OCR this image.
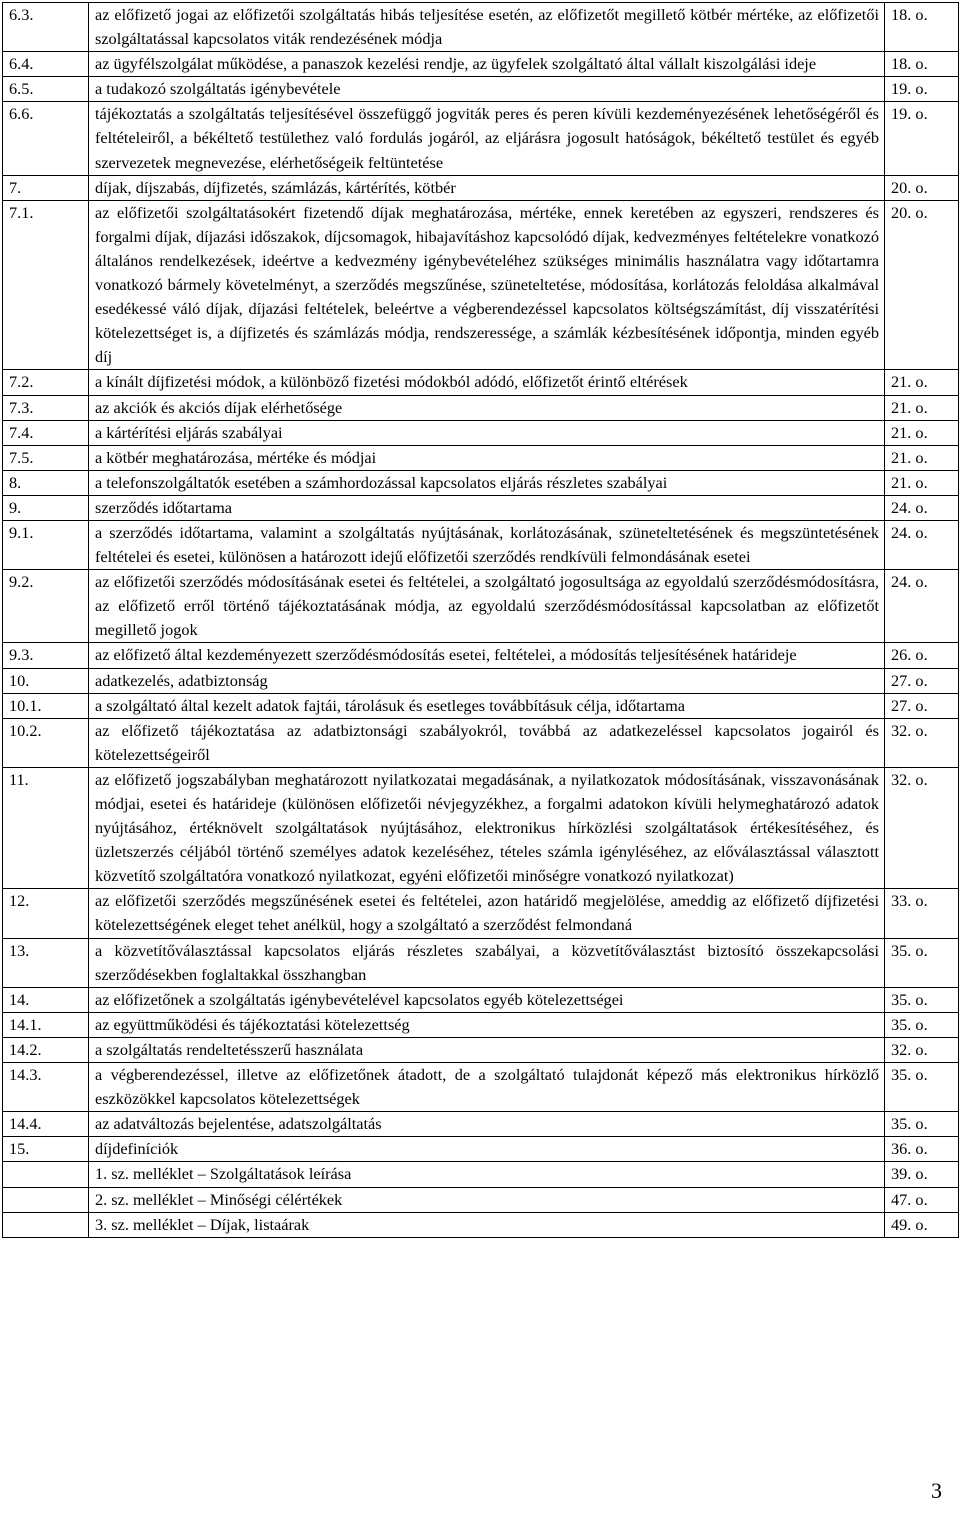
6.3.	az előfizető jogai az előfizetői szolgáltatás hibás teljesítése esetén, az előfizetőt megillető kötbér mértéke, az előfizetői szolgáltatással kapcsolatos viták rendezésének módja	18. o.
6.4.	az ügyfélszolgálat működése, a panaszok kezelési rendje, az ügyfelek szolgáltató által vállalt kiszolgálási ideje	18. o.
6.5.	a tudakozó szolgáltatás igénybevétele	19. o.
6.6.	tájékoztatás a szolgáltatás teljesítésével összefüggő jogviták peres és peren kívüli kezdeményezésének lehetőségéről és feltételeiről, a békéltető testülethez való fordulás jogáról, az eljárásra jogosult hatóságok, békéltető testület és egyéb szervezetek megnevezése, elérhetőségeik feltüntetése	19. o.
7.	díjak, díjszabás, díjfizetés, számlázás, kártérítés, kötbér	20. o.
7.1.	az előfizetői szolgáltatásokért fizetendő díjak meghatározása, mértéke, ennek keretében az egyszeri, rendszeres és forgalmi díjak, díjazási időszakok, díjcsomagok, hibajavításhoz kapcsolódó díjak, kedvezményes feltételekre vonatkozó általános rendelkezések, ideértve a kedvezmény igénybevételéhez szükséges minimális használatra vagy időtartamra vonatkozó bármely követelményt, a szerződés megszűnése, szüneteltetése, módosítása, korlátozás feloldása alkalmával esedékessé váló díjak, díjazási feltételek, beleértve a végberendezéssel kapcsolatos költségszámítást, díj visszatérítési kötelezettséget is, a díjfizetés és számlázás módja, rendszeressége, a számlák kézbesítésének időpontja, minden egyéb díj	20. o.
7.2.	a kínált díjfizetési módok, a különböző fizetési módokból adódó, előfizetőt érintő eltérések	21. o.
7.3.	az akciók és akciós díjak elérhetősége	21. o.
7.4.	a kártérítési eljárás szabályai	21. o.
7.5.	a kötbér meghatározása, mértéke és módjai	21. o.
8.	a telefonszolgáltatók esetében a számhordozással kapcsolatos eljárás részletes szabályai	21. o.
9.	szerződés időtartama	24. o.
9.1.	a szerződés időtartama, valamint a szolgáltatás nyújtásának, korlátozásának, szüneteltetésének és megszüntetésének feltételei és esetei, különösen a határozott idejű előfizetői szerződés rendkívüli felmondásának esetei	24. o.
9.2.	az előfizetői szerződés módosításának esetei és feltételei, a szolgáltató jogosultsága az egyoldalú szerződésmódosításra, az előfizető erről történő tájékoztatásának módja, az egyoldalú szerződésmódosítással kapcsolatban az előfizetőt megillető jogok	24. o.
9.3.	az előfizető által kezdeményezett szerződésmódosítás esetei, feltételei, a módosítás teljesítésének határideje	26. o.
10.	adatkezelés, adatbiztonság	27. o.
10.1.	a szolgáltató által kezelt adatok fajtái, tárolásuk és esetleges továbbításuk célja, időtartama	27. o.
10.2.	az előfizető tájékoztatása az adatbiztonsági szabályokról, továbbá az adatkezeléssel kapcsolatos jogairól és kötelezettségeiről	32. o.
11.	az előfizető jogszabályban meghatározott nyilatkozatai megadásának, a nyilatkozatok módosításának, visszavonásának módjai, esetei és határideje (különösen előfizetői névjegyzékhez, a forgalmi adatokon kívüli helymeghatározó adatok nyújtásához, értéknövelt szolgáltatások nyújtásához, elektronikus hírközlési szolgáltatások értékesítéséhez, és üzletszerzés céljából történő személyes adatok kezeléséhez, tételes számla igényléséhez, az előválasztással választott közvetítő szolgáltatóra vonatkozó nyilatkozat, egyéni előfizetői minőségre vonatkozó nyilatkozat)	32. o.
12.	az előfizetői szerződés megszűnésének esetei és feltételei, azon határidő megjelölése, ameddig az előfizető díjfizetési kötelezettségének eleget tehet anélkül, hogy a szolgáltató a szerződést felmondaná	33. o.
13.	a közvetítőválasztással kapcsolatos eljárás részletes szabályai, a közvetítőválasztást biztosító összekapcsolási szerződésekben foglaltakkal összhangban	35. o.
14.	az előfizetőnek a szolgáltatás igénybevételével kapcsolatos egyéb kötelezettségei	35. o.
14.1.	az együttműködési és tájékoztatási kötelezettség	35. o.
14.2.	a szolgáltatás rendeltetésszerű használata	32. o.
14.3.	a végberendezéssel, illetve az előfizetőnek átadott, de a szolgáltató tulajdonát képező más elektronikus hírközlő eszközökkel kapcsolatos kötelezettségek	35. o.
14.4.	az adatváltozás bejelentése, adatszolgáltatás	35. o.
15.	díjdefiníciók	36. o.
	1. sz. melléklet – Szolgáltatások leírása	39. o.
	2. sz. melléklet – Minőségi célértékek	47. o.
	3. sz. melléklet – Díjak, listaárak	49. o.
3
